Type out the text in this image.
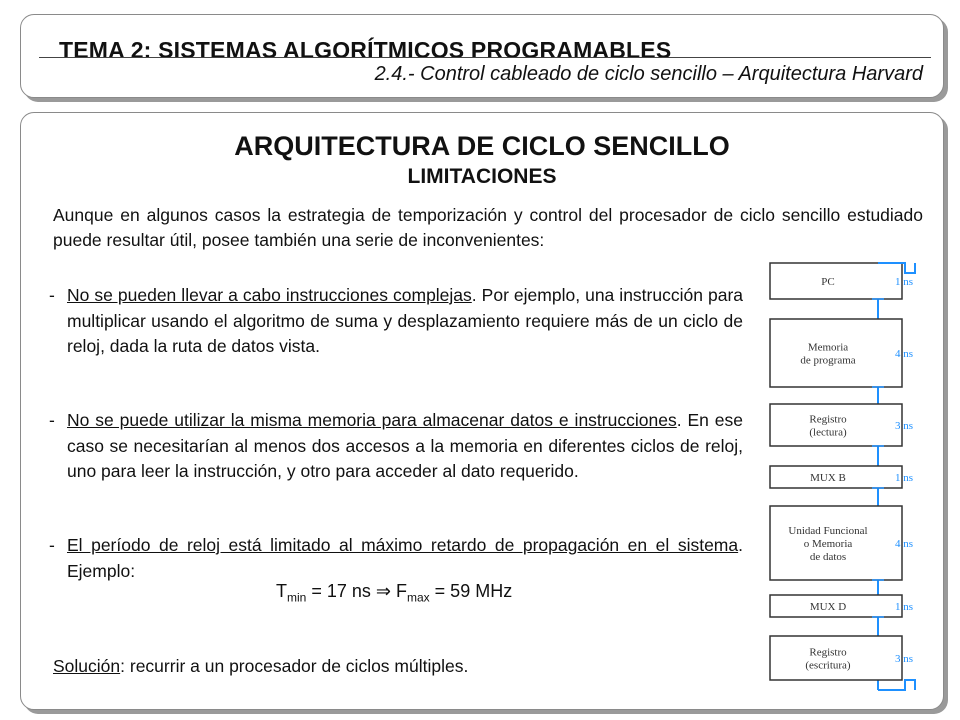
TEMA 2: SISTEMAS ALGORÍTMICOS PROGRAMABLES
2.4.- Control cableado de ciclo sencillo – Arquitectura Harvard
ARQUITECTURA DE CICLO SENCILLO
LIMITACIONES

Aunque en algunos casos la estrategia de temporización y control del procesador de ciclo sencillo estudiado puede resultar útil, posee también una serie de inconvenientes:

- No se pueden llevar a cabo instrucciones complejas. Por ejemplo, una instrucción para multiplicar usando el algoritmo de suma y desplazamiento requiere más de un ciclo de reloj, dada la ruta de datos vista.
- No se puede utilizar la misma memoria para almacenar datos e instrucciones. En ese caso se necesitarían al menos dos accesos a la memoria en diferentes ciclos de reloj, uno para leer la instrucción, y otro para acceder al dato requerido.
- El período de reloj está limitado al máximo retardo de propagación en el sistema. Ejemplo:
$T_{min} = 17$ ns ⇒ $F_{max} = 59$ MHz
Solución: recurrir a un procesador de ciclos múltiples.
PC	1 ns
Memoria
de programa
4 ns
Registro
(lectura)
3 ns
MUX B	1 ns
Unidad Funcional
o Memoria
de datos
4 ns
MUX D	1 ns
Registro
(escritura)
3 ns
